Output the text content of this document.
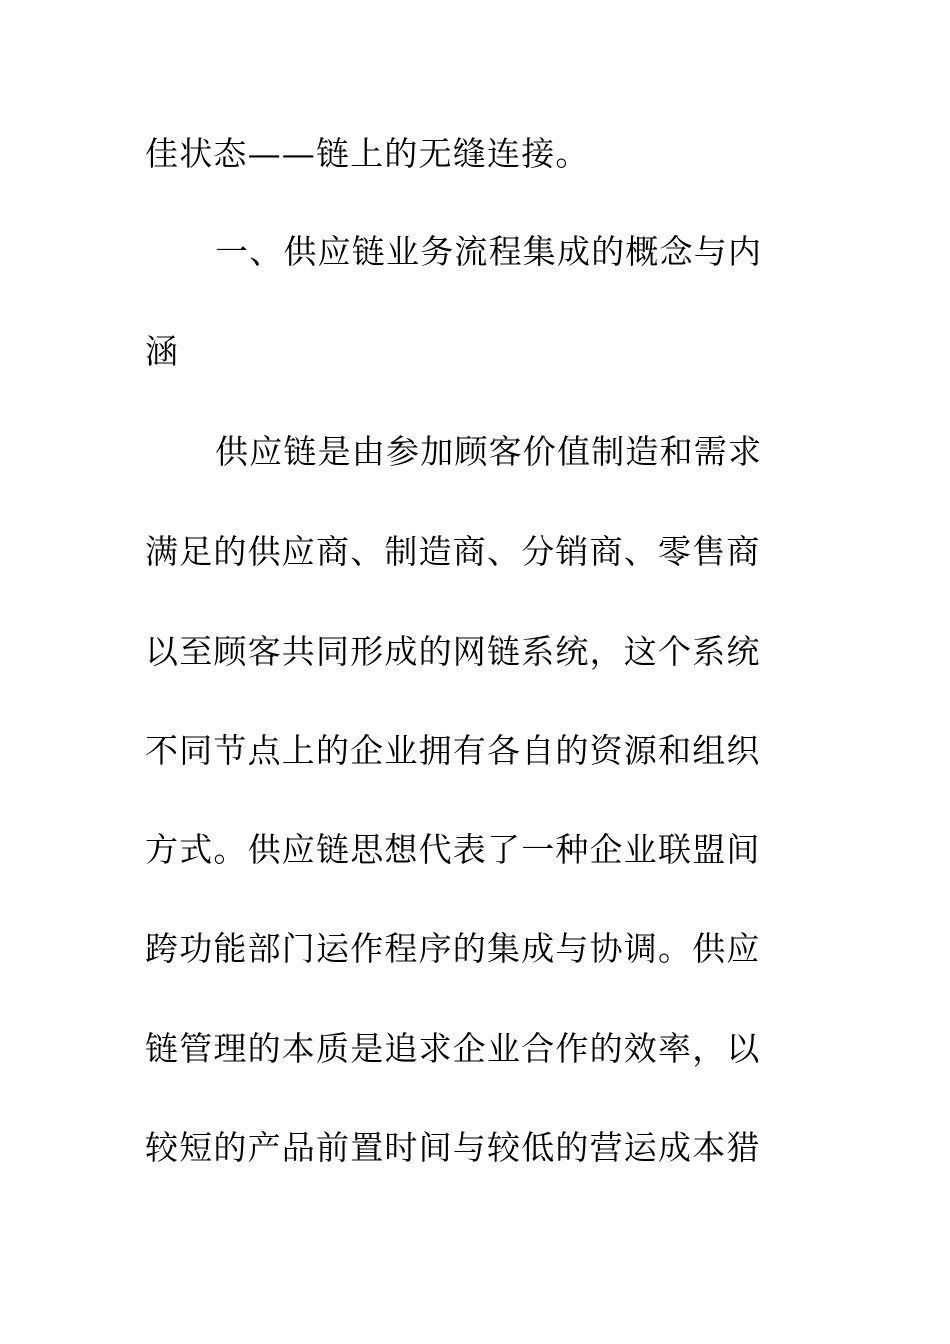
佳状态——链上的无缝连接。
一、供应链业务流程集成的概念与内
涵
供应链是由参加顾客价值制造和需求
满足的供应商、制造商、分销商、零售商
以至顾客共同形成的网链系统，这个系统
不同节点上的企业拥有各自的资源和组织
方式。供应链思想代表了一种企业联盟间
跨功能部门运作程序的集成与协调。供应
链管理的本质是追求企业合作的效率，以
较短的产品前置时间与较低的营运成本猎
